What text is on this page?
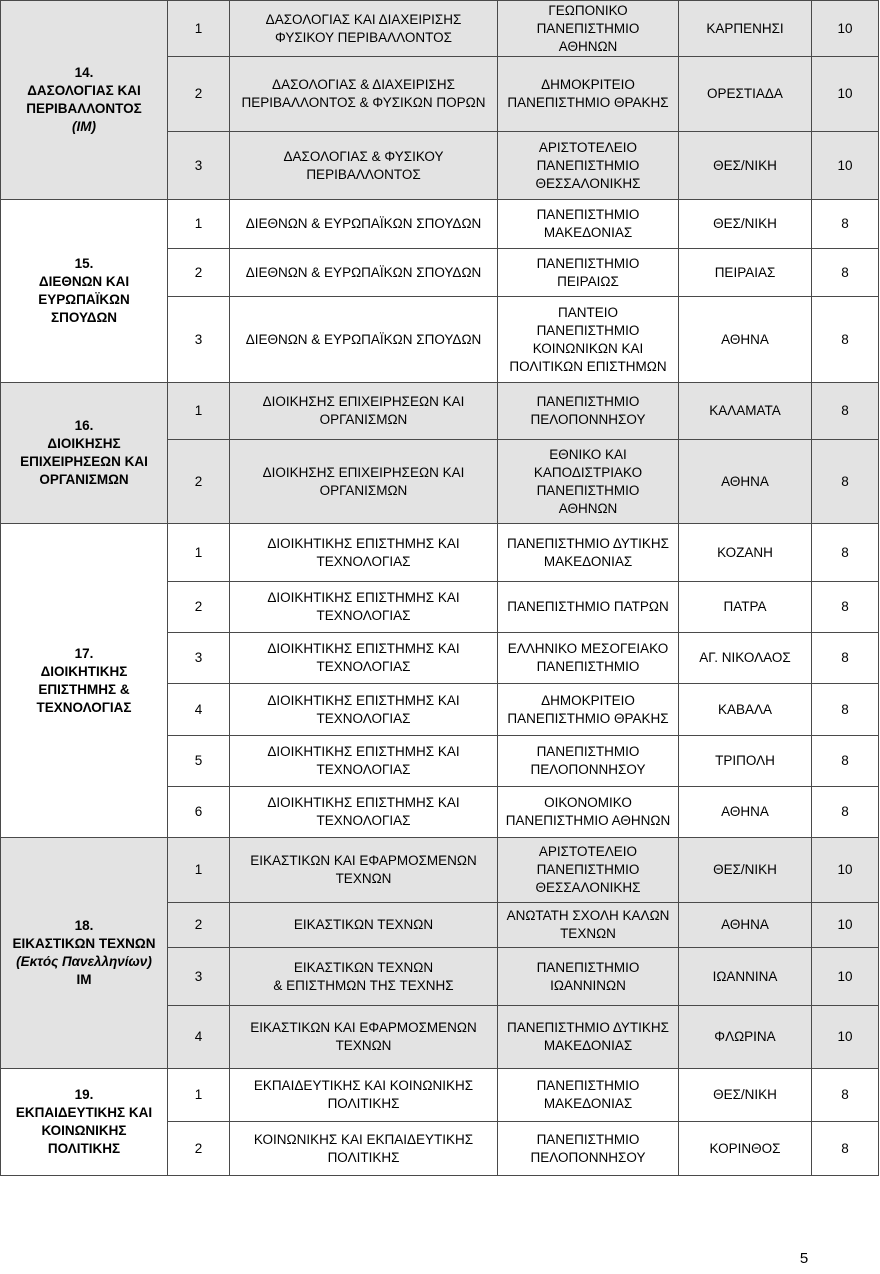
14.
ΔΑΣΟΛΟΓΙΑΣ ΚΑΙ
ΠΕΡΙΒΑΛΛΟΝΤΟΣ
(ΙΜ)	1	ΔΑΣΟΛΟΓΙΑΣ ΚΑΙ ΔΙΑΧΕΙΡΙΣΗΣ
ΦΥΣΙΚΟΥ ΠΕΡΙΒΑΛΛΟΝΤΟΣ	ΓΕΩΠΟΝΙΚΟ
ΠΑΝΕΠΙΣΤΗΜΙΟ
ΑΘΗΝΩΝ	ΚΑΡΠΕΝΗΣΙ	10
	2	ΔΑΣΟΛΟΓΙΑΣ & ΔΙΑΧΕΙΡΙΣΗΣ
ΠΕΡΙΒΑΛΛΟΝΤΟΣ & ΦΥΣΙΚΩΝ ΠΟΡΩΝ	ΔΗΜΟΚΡΙΤΕΙΟ
ΠΑΝΕΠΙΣΤΗΜΙΟ ΘΡΑΚΗΣ	ΟΡΕΣΤΙΑΔΑ	10
	3	ΔΑΣΟΛΟΓΙΑΣ & ΦΥΣΙΚΟΥ
ΠΕΡΙΒΑΛΛΟΝΤΟΣ	ΑΡΙΣΤΟΤΕΛΕΙΟ
ΠΑΝΕΠΙΣΤΗΜΙΟ
ΘΕΣΣΑΛΟΝΙΚΗΣ	ΘΕΣ/ΝΙΚΗ	10

15.
ΔΙΕΘΝΩΝ ΚΑΙ
ΕΥΡΩΠΑΪΚΩΝ
ΣΠΟΥΔΩΝ	1	ΔΙΕΘΝΩΝ & ΕΥΡΩΠΑΪΚΩΝ ΣΠΟΥΔΩΝ	ΠΑΝΕΠΙΣΤΗΜΙΟ
ΜΑΚΕΔΟΝΙΑΣ	ΘΕΣ/ΝΙΚΗ	8
	2	ΔΙΕΘΝΩΝ & ΕΥΡΩΠΑΪΚΩΝ ΣΠΟΥΔΩΝ	ΠΑΝΕΠΙΣΤΗΜΙΟ
ΠΕΙΡΑΙΩΣ	ΠΕΙΡΑΙΑΣ	8
	3	ΔΙΕΘΝΩΝ & ΕΥΡΩΠΑΪΚΩΝ ΣΠΟΥΔΩΝ	ΠΑΝΤΕΙΟ
ΠΑΝΕΠΙΣΤΗΜΙΟ
ΚΟΙΝΩΝΙΚΩΝ ΚΑΙ
ΠΟΛΙΤΙΚΩΝ ΕΠΙΣΤΗΜΩΝ	ΑΘΗΝΑ	8

16.
ΔΙΟΙΚΗΣΗΣ
ΕΠΙΧΕΙΡΗΣΕΩΝ ΚΑΙ
ΟΡΓΑΝΙΣΜΩΝ	1	ΔΙΟΙΚΗΣΗΣ ΕΠΙΧΕΙΡΗΣΕΩΝ ΚΑΙ
ΟΡΓΑΝΙΣΜΩΝ	ΠΑΝΕΠΙΣΤΗΜΙΟ
ΠΕΛΟΠΟΝΝΗΣΟΥ	ΚΑΛΑΜΑΤΑ	8
	2	ΔΙΟΙΚΗΣΗΣ ΕΠΙΧΕΙΡΗΣΕΩΝ ΚΑΙ
ΟΡΓΑΝΙΣΜΩΝ	ΕΘΝΙΚΟ ΚΑΙ
ΚΑΠΟΔΙΣΤΡΙΑΚΟ
ΠΑΝΕΠΙΣΤΗΜΙΟ
ΑΘΗΝΩΝ	ΑΘΗΝΑ	8

17.
ΔΙΟΙΚΗΤΙΚΗΣ
ΕΠΙΣΤΗΜΗΣ &
ΤΕΧΝΟΛΟΓΙΑΣ	1	ΔΙΟΙΚΗΤΙΚΗΣ ΕΠΙΣΤΗΜΗΣ ΚΑΙ
ΤΕΧΝΟΛΟΓΙΑΣ	ΠΑΝΕΠΙΣΤΗΜΙΟ ΔΥΤΙΚΗΣ
ΜΑΚΕΔΟΝΙΑΣ	ΚΟΖΑΝΗ	8
	2	ΔΙΟΙΚΗΤΙΚΗΣ ΕΠΙΣΤΗΜΗΣ ΚΑΙ
ΤΕΧΝΟΛΟΓΙΑΣ	ΠΑΝΕΠΙΣΤΗΜΙΟ ΠΑΤΡΩΝ	ΠΑΤΡΑ	8
	3	ΔΙΟΙΚΗΤΙΚΗΣ ΕΠΙΣΤΗΜΗΣ ΚΑΙ
ΤΕΧΝΟΛΟΓΙΑΣ	ΕΛΛΗΝΙΚΟ ΜΕΣΟΓΕΙΑΚΟ
ΠΑΝΕΠΙΣΤΗΜΙΟ	ΑΓ. ΝΙΚΟΛΑΟΣ	8
	4	ΔΙΟΙΚΗΤΙΚΗΣ ΕΠΙΣΤΗΜΗΣ ΚΑΙ
ΤΕΧΝΟΛΟΓΙΑΣ	ΔΗΜΟΚΡΙΤΕΙΟ
ΠΑΝΕΠΙΣΤΗΜΙΟ ΘΡΑΚΗΣ	ΚΑΒΑΛΑ	8
	5	ΔΙΟΙΚΗΤΙΚΗΣ ΕΠΙΣΤΗΜΗΣ ΚΑΙ
ΤΕΧΝΟΛΟΓΙΑΣ	ΠΑΝΕΠΙΣΤΗΜΙΟ
ΠΕΛΟΠΟΝΝΗΣΟΥ	ΤΡΙΠΟΛΗ	8
	6	ΔΙΟΙΚΗΤΙΚΗΣ ΕΠΙΣΤΗΜΗΣ ΚΑΙ
ΤΕΧΝΟΛΟΓΙΑΣ	ΟΙΚΟΝΟΜΙΚΟ
ΠΑΝΕΠΙΣΤΗΜΙΟ ΑΘΗΝΩΝ	ΑΘΗΝΑ	8

18.
ΕΙΚΑΣΤΙΚΩΝ ΤΕΧΝΩΝ
(Εκτός Πανελληνίων)
ΙΜ	1	ΕΙΚΑΣΤΙΚΩΝ ΚΑΙ ΕΦΑΡΜΟΣΜΕΝΩΝ
ΤΕΧΝΩΝ	ΑΡΙΣΤΟΤΕΛΕΙΟ
ΠΑΝΕΠΙΣΤΗΜΙΟ
ΘΕΣΣΑΛΟΝΙΚΗΣ	ΘΕΣ/ΝΙΚΗ	10
	2	ΕΙΚΑΣΤΙΚΩΝ ΤΕΧΝΩΝ	ΑΝΩΤΑΤΗ ΣΧΟΛΗ ΚΑΛΩΝ
ΤΕΧΝΩΝ	ΑΘΗΝΑ	10
	3	ΕΙΚΑΣΤΙΚΩΝ ΤΕΧΝΩΝ
& ΕΠΙΣΤΗΜΩΝ ΤΗΣ ΤΕΧΝΗΣ	ΠΑΝΕΠΙΣΤΗΜΙΟ
ΙΩΑΝΝΙΝΩΝ	ΙΩΑΝΝΙΝΑ	10
	4	ΕΙΚΑΣΤΙΚΩΝ ΚΑΙ ΕΦΑΡΜΟΣΜΕΝΩΝ
ΤΕΧΝΩΝ	ΠΑΝΕΠΙΣΤΗΜΙΟ ΔΥΤΙΚΗΣ
ΜΑΚΕΔΟΝΙΑΣ	ΦΛΩΡΙΝΑ	10

19.
ΕΚΠΑΙΔΕΥΤΙΚΗΣ ΚΑΙ
ΚΟΙΝΩΝΙΚΗΣ
ΠΟΛΙΤΙΚΗΣ	1	ΕΚΠΑΙΔΕΥΤΙΚΗΣ ΚΑΙ ΚΟΙΝΩΝΙΚΗΣ
ΠΟΛΙΤΙΚΗΣ	ΠΑΝΕΠΙΣΤΗΜΙΟ
ΜΑΚΕΔΟΝΙΑΣ	ΘΕΣ/ΝΙΚΗ	8
	2	ΚΟΙΝΩΝΙΚΗΣ ΚΑΙ ΕΚΠΑΙΔΕΥΤΙΚΗΣ
ΠΟΛΙΤΙΚΗΣ	ΠΑΝΕΠΙΣΤΗΜΙΟ
ΠΕΛΟΠΟΝΝΗΣΟΥ	ΚΟΡΙΝΘΟΣ	8
5
